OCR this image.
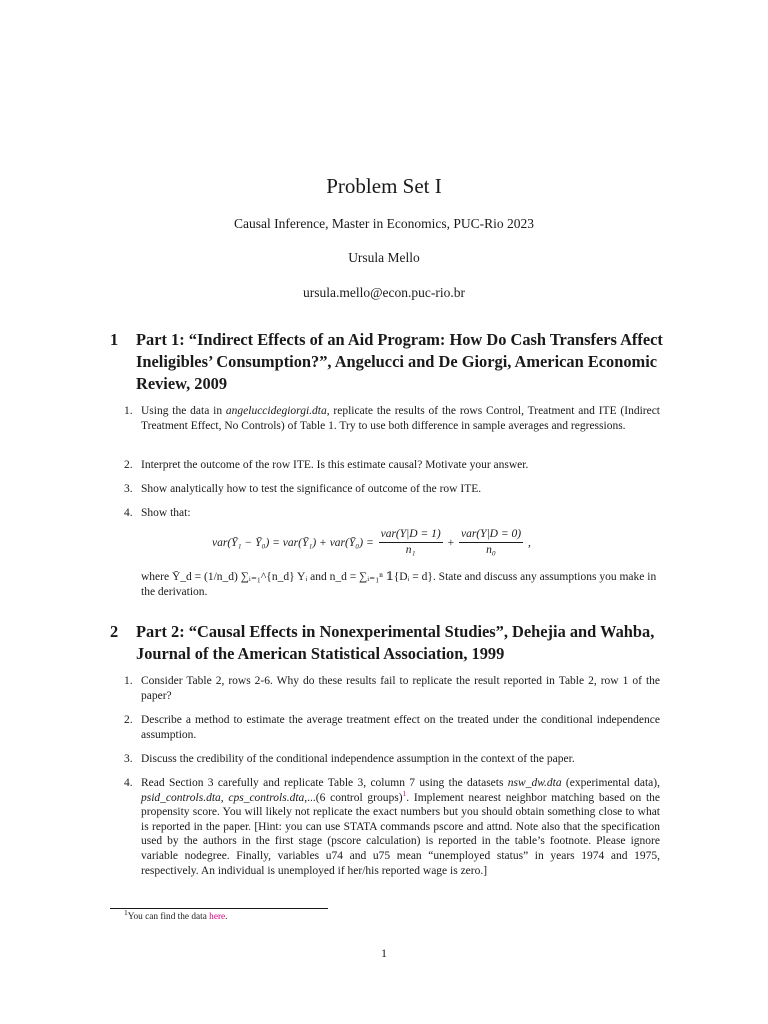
Problem Set I
Causal Inference, Master in Economics, PUC-Rio 2023
Ursula Mello
ursula.mello@econ.puc-rio.br
1 Part 1: “Indirect Effects of an Aid Program: How Do Cash Transfers Affect Ineligibles’ Consumption?”, Angelucci and De Giorgi, American Economic Review, 2009
1. Using the data in angeluccidegiorgi.dta, replicate the results of the rows Control, Treatment and ITE (Indirect Treatment Effect, No Controls) of Table 1. Try to use both difference in sample averages and regressions.
2. Interpret the outcome of the row ITE. Is this estimate causal? Motivate your answer.
3. Show analytically how to test the significance of outcome of the row ITE.
4. Show that:
var(Ȳ₁ − Ȳ₀) = var(Ȳ₁) + var(Ȳ₀) = $\frac{\text{var(Y|D = 1)}}{\text{n₁}} + \frac{\text{var(Y|D = 0)}}{\text{n₀}}$ ,
where Ȳ_d = (1/n_d) ∑ᵢ₌₁^{n_d} Yᵢ and n_d = ∑ᵢ₌₁ⁿ 𝟙{Dᵢ = d}. State and discuss any assumptions you make in the derivation.
2 Part 2: “Causal Effects in Nonexperimental Studies”, Dehejia and Wahba, Journal of the American Statistical Association, 1999
1. Consider Table 2, rows 2-6. Why do these results fail to replicate the result reported in Table 2, row 1 of the paper?
2. Describe a method to estimate the average treatment effect on the treated under the conditional independence assumption.
3. Discuss the credibility of the conditional independence assumption in the context of the paper.
4. Read Section 3 carefully and replicate Table 3, column 7 using the datasets nsw_dw.dta (experimental data), psid_controls.dta, cps_controls.dta,...(6 control groups)$^1$. Implement nearest neighbor matching based on the propensity score. You will likely not replicate the exact numbers but you should obtain something close to what is reported in the paper. [Hint: you can use STATA commands pscore and attnd. Note also that the specification used by the authors in the first stage (pscore calculation) is reported in the table’s footnote. Please ignore variable nodegree. Finally, variables u74 and u75 mean “unemployed status” in years 1974 and 1975, respectively. An individual is unemployed if her/his reported wage is zero.]
$^1$You can find the data here.
1
